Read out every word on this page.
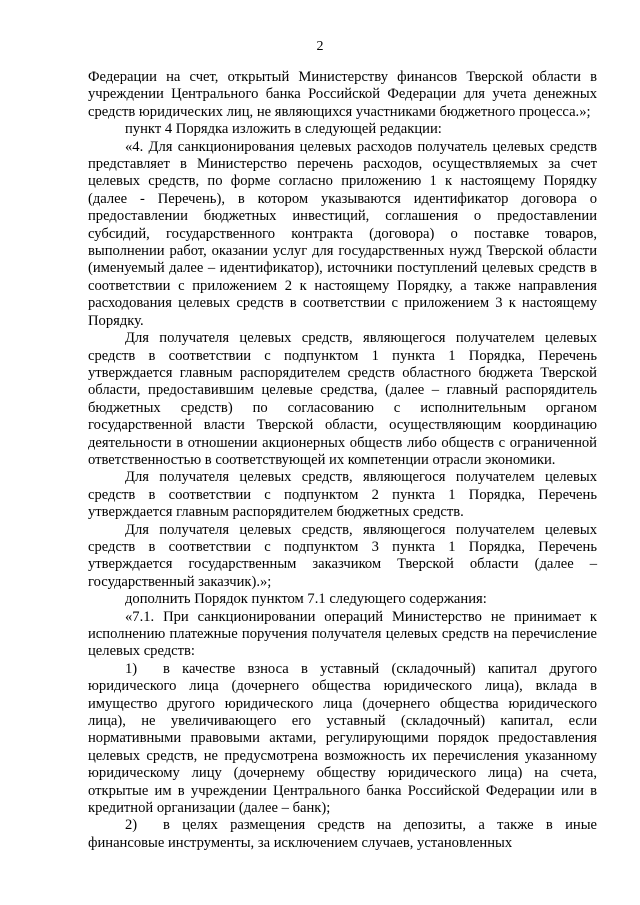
2

Федерации на счет, открытый Министерству финансов Тверской области в учреждении Центрального банка Российской Федерации для учета денежных средств юридических лиц, не являющихся участниками бюджетного процесса.»;

пункт 4 Порядка изложить в следующей редакции:

«4. Для санкционирования целевых расходов получатель целевых средств представляет в Министерство перечень расходов, осуществляемых за счет целевых средств, по форме согласно приложению 1 к настоящему Порядку (далее - Перечень), в котором указываются идентификатор договора о предоставлении бюджетных инвестиций, соглашения о предоставлении субсидий, государственного контракта (договора) о поставке товаров, выполнении работ, оказании услуг для государственных нужд Тверской области (именуемый далее – идентификатор), источники поступлений целевых средств в соответствии с приложением 2 к настоящему Порядку, а также направления расходования целевых средств в соответствии с приложением 3 к настоящему Порядку.

Для получателя целевых средств, являющегося получателем целевых средств в соответствии с подпунктом 1 пункта 1 Порядка, Перечень утверждается главным распорядителем средств областного бюджета Тверской области, предоставившим целевые средства, (далее – главный распорядитель бюджетных средств) по согласованию с исполнительным органом государственной власти Тверской области, осуществляющим координацию деятельности в отношении акционерных обществ либо обществ с ограниченной ответственностью в соответствующей их компетенции отрасли экономики.

Для получателя целевых средств, являющегося получателем целевых средств в соответствии с подпунктом 2 пункта 1 Порядка, Перечень утверждается главным распорядителем бюджетных средств.

Для получателя целевых средств, являющегося получателем целевых средств в соответствии с подпунктом 3 пункта 1 Порядка, Перечень утверждается государственным заказчиком Тверской области (далее – государственный заказчик).»;

дополнить Порядок пунктом 7.1 следующего содержания:

«7.1. При санкционировании операций Министерство не принимает к исполнению платежные поручения получателя целевых средств на перечисление целевых средств:

1) в качестве взноса в уставный (складочный) капитал другого юридического лица (дочернего общества юридического лица), вклада в имущество другого юридического лица (дочернего общества юридического лица), не увеличивающего его уставный (складочный) капитал, если нормативными правовыми актами, регулирующими порядок предоставления целевых средств, не предусмотрена возможность их перечисления указанному юридическому лицу (дочернему обществу юридического лица) на счета, открытые им в учреждении Центрального банка Российской Федерации или в кредитной организации (далее – банк);

2) в целях размещения средств на депозиты, а также в иные финансовые инструменты, за исключением случаев, установленных
